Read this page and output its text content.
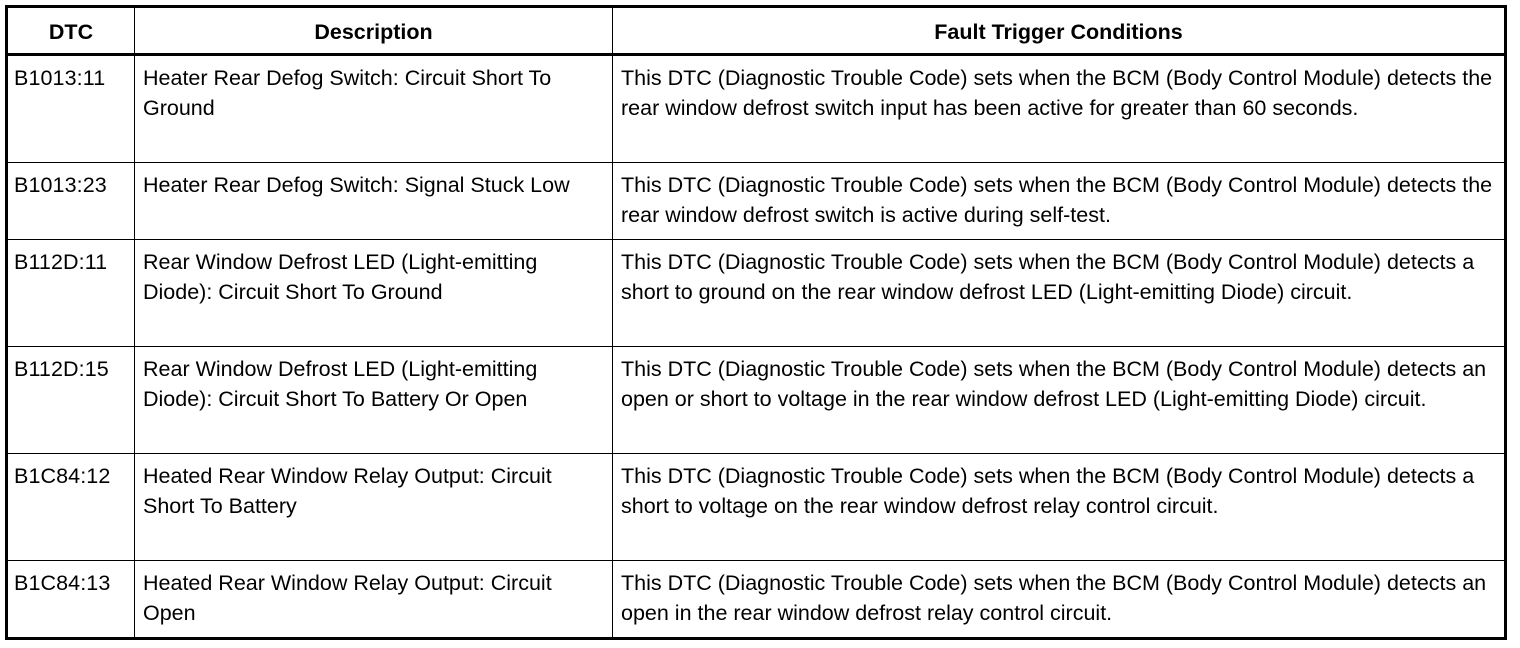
DTC	Description	Fault Trigger Conditions
B1013:11	Heater Rear Defog Switch: Circuit Short To Ground	This DTC (Diagnostic Trouble Code) sets when the BCM (Body Control Module) detects the rear window defrost switch input has been active for greater than 60 seconds.
B1013:23	Heater Rear Defog Switch: Signal Stuck Low	This DTC (Diagnostic Trouble Code) sets when the BCM (Body Control Module) detects the rear window defrost switch is active during self-test.
B112D:11	Rear Window Defrost LED (Light-emitting Diode): Circuit Short To Ground	This DTC (Diagnostic Trouble Code) sets when the BCM (Body Control Module) detects a short to ground on the rear window defrost LED (Light-emitting Diode) circuit.
B112D:15	Rear Window Defrost LED (Light-emitting Diode): Circuit Short To Battery Or Open	This DTC (Diagnostic Trouble Code) sets when the BCM (Body Control Module) detects an open or short to voltage in the rear window defrost LED (Light-emitting Diode) circuit.
B1C84:12	Heated Rear Window Relay Output: Circuit Short To Battery	This DTC (Diagnostic Trouble Code) sets when the BCM (Body Control Module) detects a short to voltage on the rear window defrost relay control circuit.
B1C84:13	Heated Rear Window Relay Output: Circuit Open	This DTC (Diagnostic Trouble Code) sets when the BCM (Body Control Module) detects an open in the rear window defrost relay control circuit.
